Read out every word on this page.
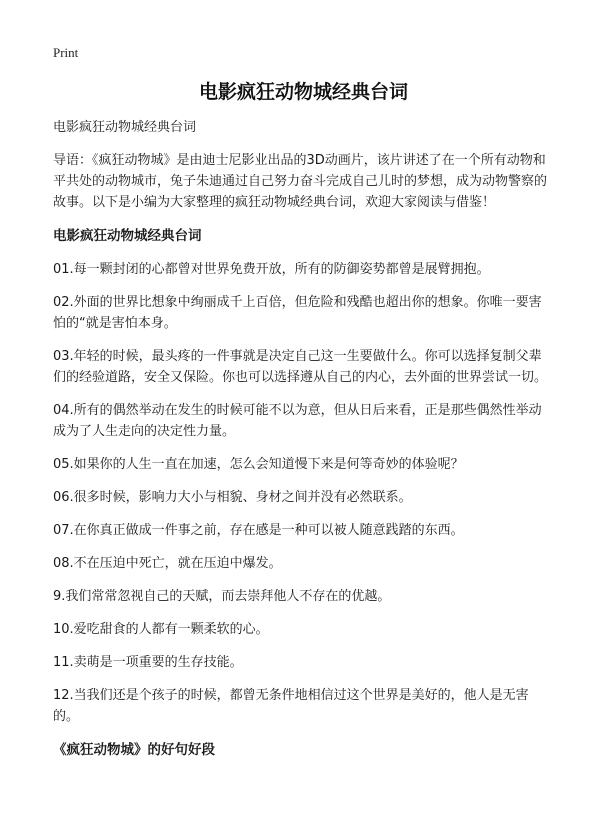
Print
电影疯狂动物城经典台词
电影疯狂动物城经典台词

导语：《疯狂动物城》是由迪士尼影业出品的3D动画片，该片讲述了在一个所有动物和平共处的动物城市，兔子朱迪通过自己努力奋斗完成自己儿时的梦想，成为动物警察的故事。以下是小编为大家整理的疯狂动物城经典台词，欢迎大家阅读与借鉴！

电影疯狂动物城经典台词
01.每一颗封闭的心都曾对世界免费开放，所有的防御姿势都曾是展臂拥抱。
02.外面的世界比想象中绚丽成千上百倍，但危险和残酷也超出你的想象。你唯一要害怕的“就是害怕本身。
03.年轻的时候，最头疼的一件事就是决定自己这一生要做什么。你可以选择复制父辈们的经验道路，安全又保险。你也可以选择遵从自己的内心，去外面的世界尝试一切。
04.所有的偶然举动在发生的时候可能不以为意，但从日后来看，正是那些偶然性举动成为了人生走向的决定性力量。
05.如果你的人生一直在加速，怎么会知道慢下来是何等奇妙的体验呢？
06.很多时候，影响力大小与相貌、身材之间并没有必然联系。
07.在你真正做成一件事之前，存在感是一种可以被人随意践踏的东西。
08.不在压迫中死亡，就在压迫中爆发。
9.我们常常忽视自己的天赋，而去崇拜他人不存在的优越。
10.爱吃甜食的人都有一颗柔软的心。
11.卖萌是一项重要的生存技能。
12.当我们还是个孩子的时候，都曾无条件地相信过这个世界是美好的，他人是无害的。
《疯狂动物城》的好句好段
